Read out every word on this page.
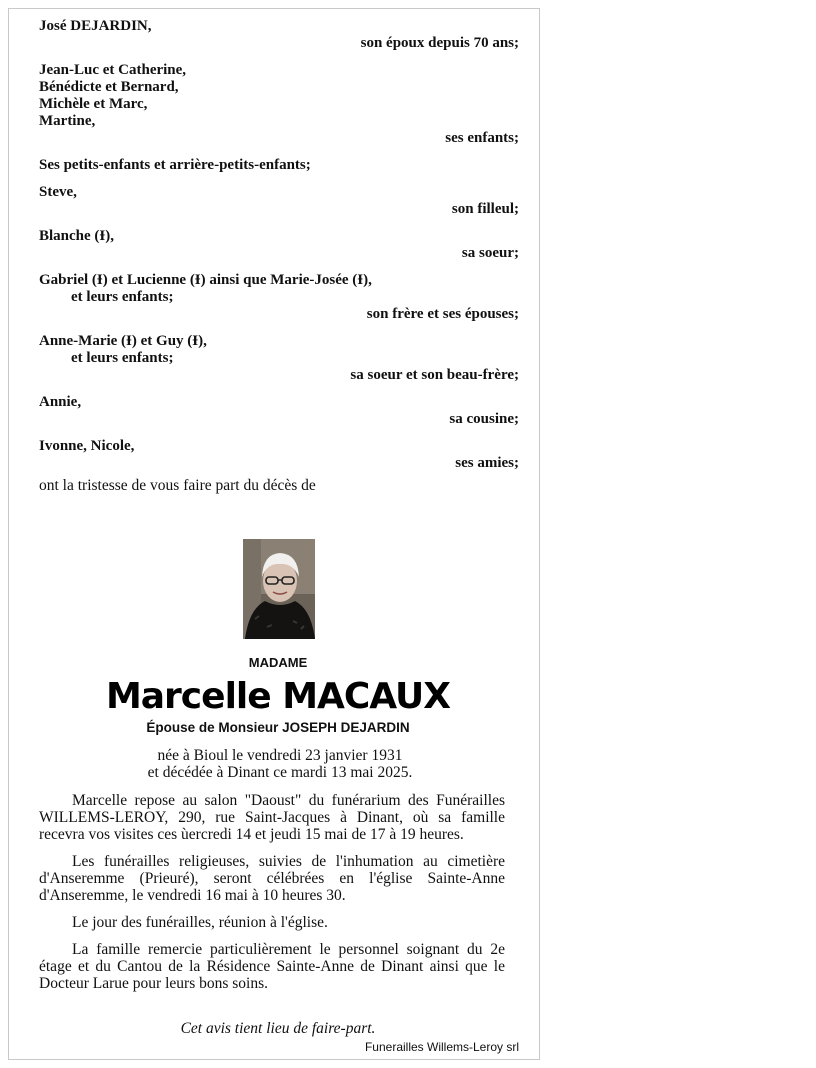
José DEJARDIN,
son époux depuis 70 ans;
Jean-Luc et Catherine,
Bénédicte et Bernard,
Michèle et Marc,
Martine,
ses enfants;
Ses petits-enfants et arrière-petits-enfants;
Steve,
son filleul;
Blanche (Ɨ),
sa soeur;
Gabriel (Ɨ) et Lucienne (Ɨ) ainsi que Marie-Josée (Ɨ),
et leurs enfants;
son frère et ses épouses;
Anne-Marie (Ɨ) et Guy (Ɨ),
et leurs enfants;
sa soeur et son beau-frère;
Annie,
sa cousine;
Ivonne, Nicole,
ses amies;
ont la tristesse de vous faire part du décès de
MADAME
Marcelle MACAUX
Épouse de Monsieur JOSEPH DEJARDIN
née à Bioul le vendredi 23 janvier 1931
et décédée à Dinant ce mardi 13 mai 2025.

Marcelle repose au salon "Daoust" du funérarium des Funérailles WILLEMS-LEROY, 290, rue Saint-Jacques à Dinant, où sa famille recevra vos visites ces ùercredi 14 et jeudi 15 mai de 17 à 19 heures.

Les funérailles religieuses, suivies de l'inhumation au cimetière d'Anseremme (Prieuré), seront célébrées en l'église Sainte-Anne d'Anseremme, le vendredi 16 mai à 10 heures 30.

Le jour des funérailles, réunion à l'église.

La famille remercie particulièrement le personnel soignant du 2e étage et du Cantou de la Résidence Sainte-Anne de Dinant ainsi que le Docteur Larue pour leurs bons soins.

Cet avis tient lieu de faire-part.
Funerailles Willems-Leroy srl
